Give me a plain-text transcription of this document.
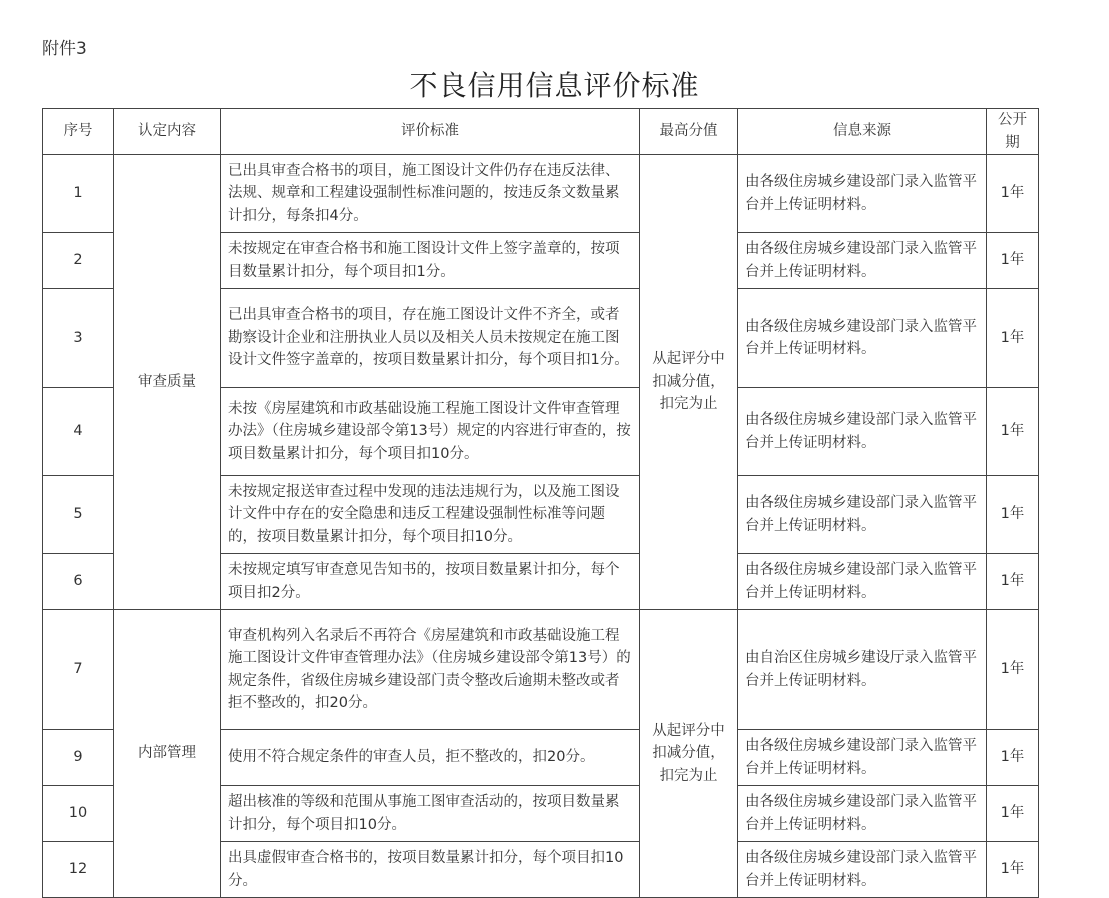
附件3
不良信用信息评价标准
序号	认定内容	评价标准	最高分值	信息来源	公开期
1	审查质量	已出具审查合格书的项目，施工图设计文件仍存在违反法律、法规、规章和工程建设强制性标准问题的，按违反条文数量累计扣分，每条扣4分。	从起评分中扣减分值，扣完为止	由各级住房城乡建设部门录入监管平台并上传证明材料。	1年
2		未按规定在审查合格书和施工图设计文件上签字盖章的，按项目数量累计扣分，每个项目扣1分。		由各级住房城乡建设部门录入监管平台并上传证明材料。	1年
3		已出具审查合格书的项目，存在施工图设计文件不齐全，或者勘察设计企业和注册执业人员以及相关人员未按规定在施工图设计文件签字盖章的，按项目数量累计扣分，每个项目扣1分。		由各级住房城乡建设部门录入监管平台并上传证明材料。	1年
4		未按《房屋建筑和市政基础设施工程施工图设计文件审查管理办法》（住房城乡建设部令第13号）规定的内容进行审查的，按项目数量累计扣分，每个项目扣10分。		由各级住房城乡建设部门录入监管平台并上传证明材料。	1年
5		未按规定报送审查过程中发现的违法违规行为，以及施工图设计文件中存在的安全隐患和违反工程建设强制性标准等问题的，按项目数量累计扣分，每个项目扣10分。		由各级住房城乡建设部门录入监管平台并上传证明材料。	1年
6		未按规定填写审查意见告知书的，按项目数量累计扣分，每个项目扣2分。		由各级住房城乡建设部门录入监管平台并上传证明材料。	1年
7	内部管理	审查机构列入名录后不再符合《房屋建筑和市政基础设施工程施工图设计文件审查管理办法》（住房城乡建设部令第13号）的规定条件，省级住房城乡建设部门责令整改后逾期未整改或者拒不整改的，扣20分。	从起评分中扣减分值，扣完为止	由自治区住房城乡建设厅录入监管平台并上传证明材料。	1年
9		使用不符合规定条件的审查人员，拒不整改的，扣20分。		由各级住房城乡建设部门录入监管平台并上传证明材料。	1年
10		超出核准的等级和范围从事施工图审查活动的，按项目数量累计扣分，每个项目扣10分。		由各级住房城乡建设部门录入监管平台并上传证明材料。	1年
12		出具虚假审查合格书的，按项目数量累计扣分，每个项目扣10分。		由各级住房城乡建设部门录入监管平台并上传证明材料。	1年
